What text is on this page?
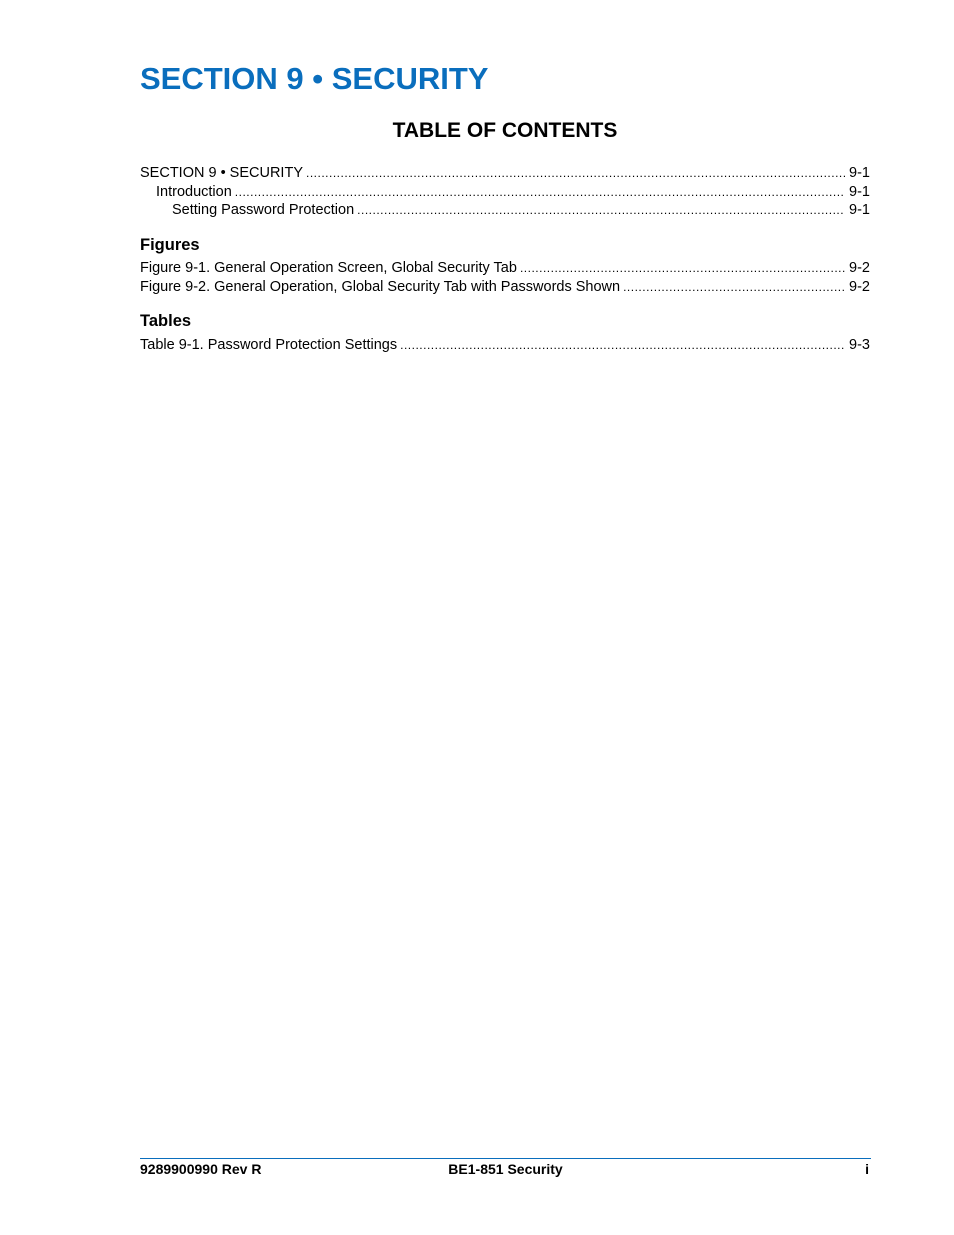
SECTION 9 • SECURITY
TABLE OF CONTENTS
SECTION 9 • SECURITY .....	9-1
Introduction .....	9-1
Setting Password Protection .....	9-1
Figures
Figure 9-1. General Operation Screen, Global Security Tab .....	9-2
Figure 9-2. General Operation, Global Security Tab with Passwords Shown .....	9-2
Tables
Table 9-1. Password Protection Settings .....	9-3
BE1-851 Security
9289900990 Rev R	i
